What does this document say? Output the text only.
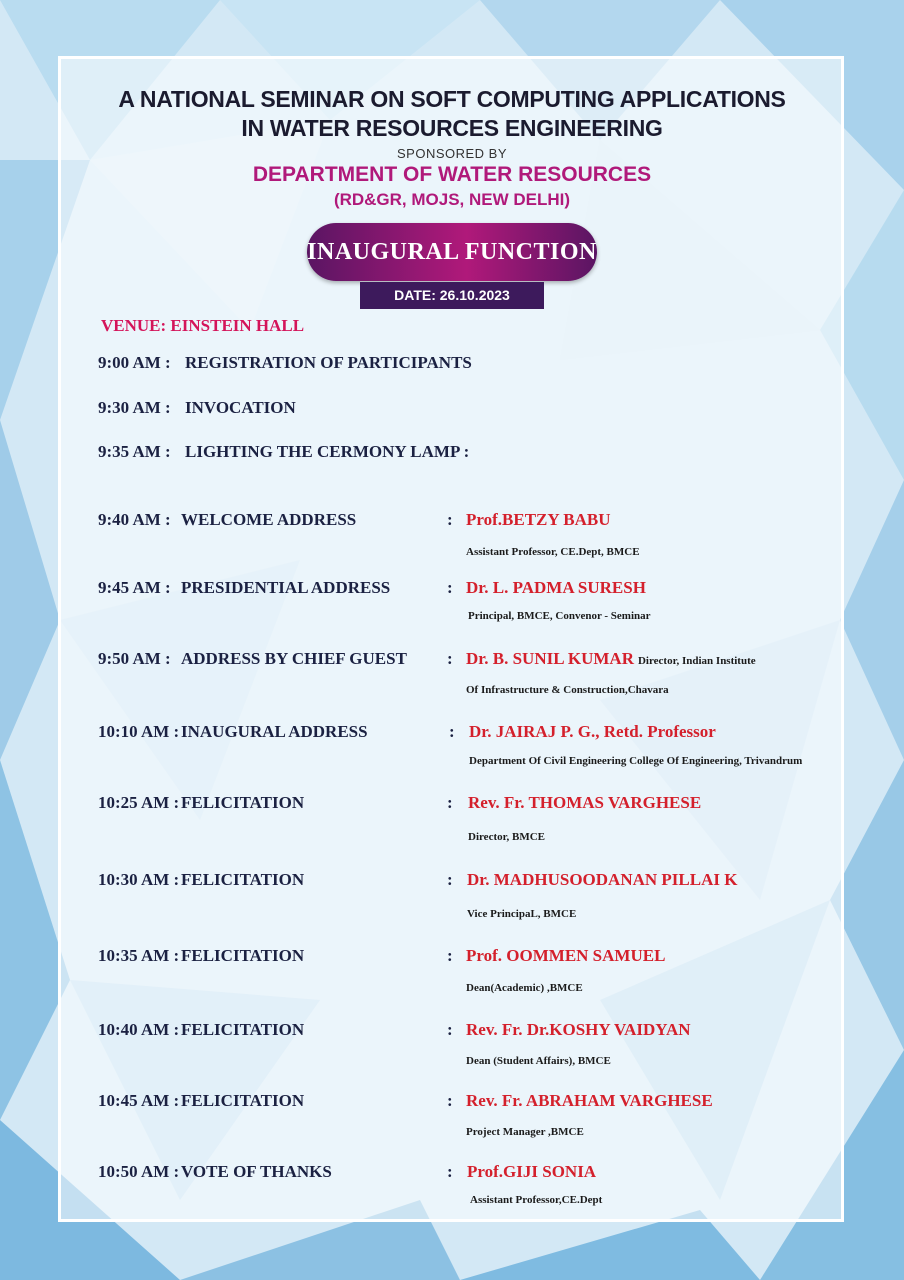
A NATIONAL SEMINAR ON SOFT COMPUTING APPLICATIONS
IN WATER RESOURCES ENGINEERING
SPONSORED BY
DEPARTMENT OF WATER RESOURCES
(RD&GR, MOJS, NEW DELHI)
INAUGURAL FUNCTION
DATE: 26.10.2023
VENUE: EINSTEIN HALL
9:00 AM : REGISTRATION OF PARTICIPANTS
9:30 AM : INVOCATION
9:35 AM : LIGHTING THE CERMONY LAMP :
9:40 AM : WELCOME ADDRESS	: Prof.BETZY BABU
Assistant Professor, CE.Dept, BMCE
9:45 AM : PRESIDENTIAL ADDRESS	: Dr. L. PADMA SURESH
Principal, BMCE, Convenor - Seminar
9:50 AM : ADDRESS BY CHIEF GUEST : Dr. B. SUNIL KUMAR Director, Indian Institute
Of Infrastructure & Construction,Chavara
10:10 AM : INAUGURAL ADDRESS	: Dr. JAIRAJ P. G., Retd. Professor
Department Of Civil Engineering College Of Engineering, Trivandrum
10:25 AM : FELICITATION	: Rev. Fr. THOMAS VARGHESE
Director, BMCE
10:30 AM : FELICITATION	: Dr. MADHUSOODANAN PILLAI K
Vice PrincipaL, BMCE
10:35 AM : FELICITATION	: Prof. OOMMEN SAMUEL
Dean(Academic) ,BMCE
10:40 AM : FELICITATION	: Rev. Fr. Dr.KOSHY VAIDYAN
Dean (Student Affairs), BMCE
10:45 AM : FELICITATION	: Rev. Fr. ABRAHAM VARGHESE
Project Manager ,BMCE
10:50 AM : VOTE OF THANKS	: Prof.GIJI SONIA
Assistant Professor,CE.Dept
